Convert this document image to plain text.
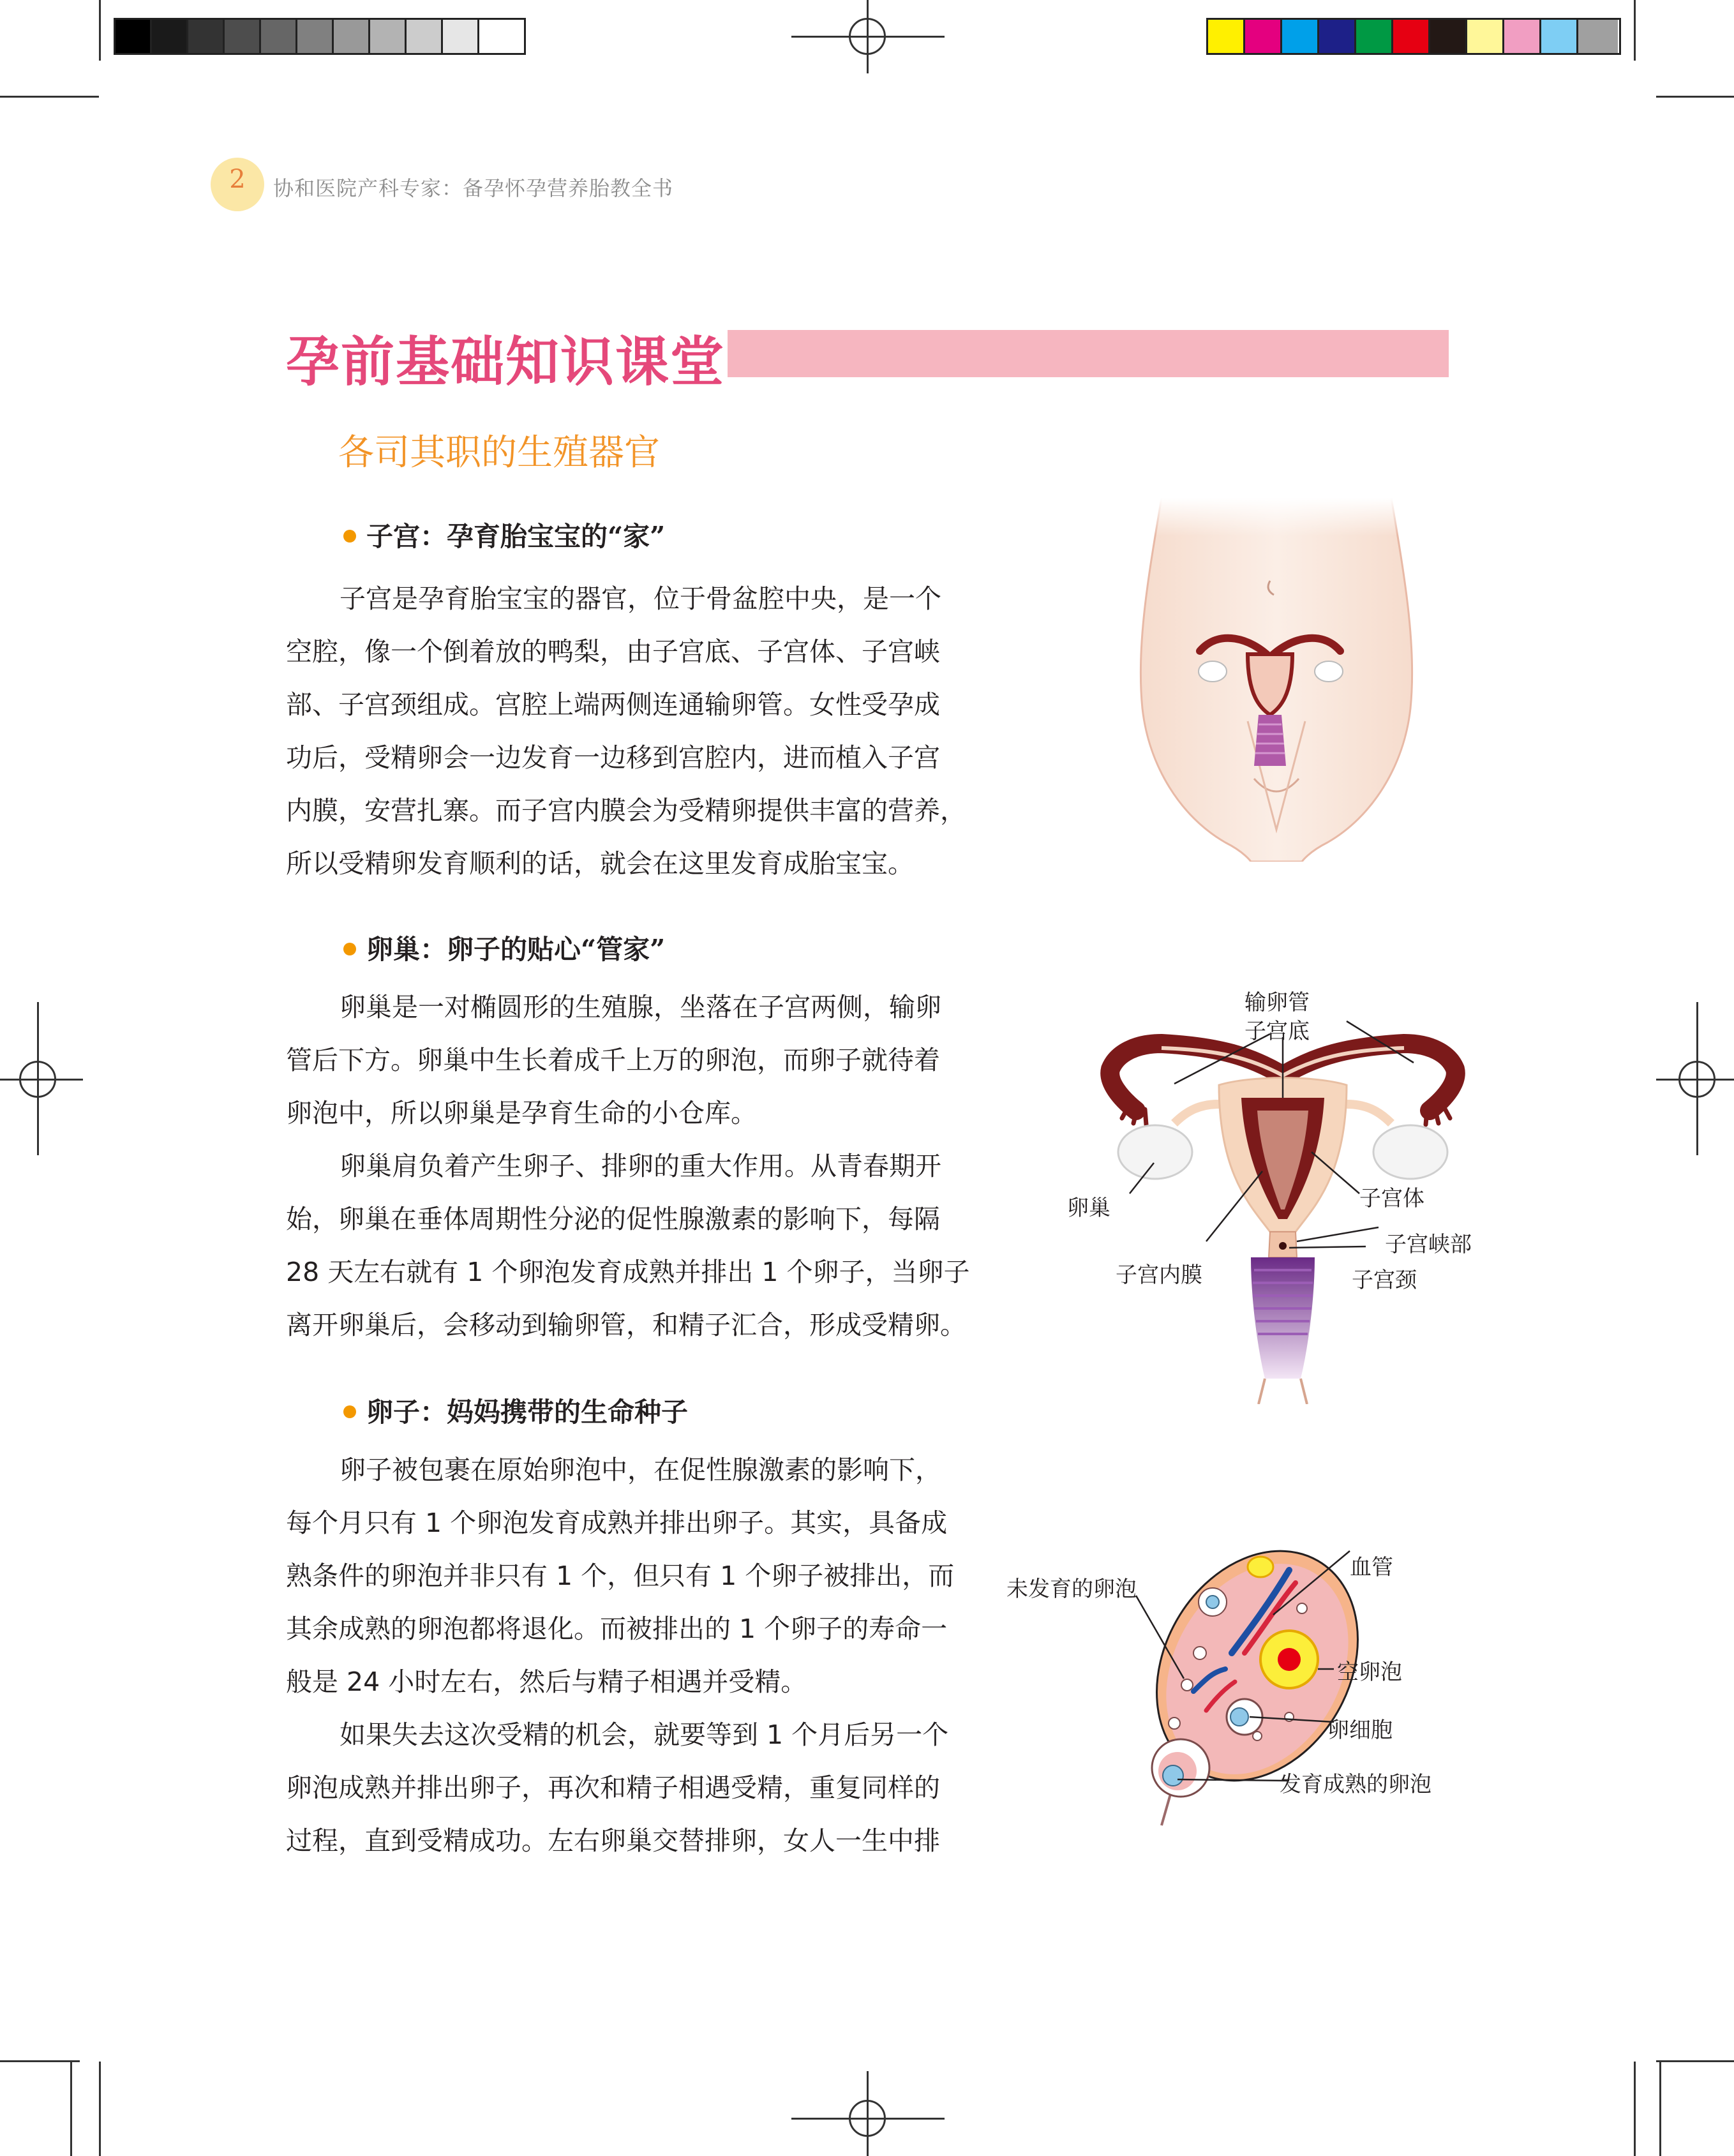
2	协和医院产科专家：备孕怀孕营养胎教全书
孕前基础知识课堂
各司其职的生殖器官
子宫：孕育胎宝宝的“家”
子宫是孕育胎宝宝的器官，位于骨盆腔中央，是一个
空腔，像一个倒着放的鸭梨，由子宫底、子宫体、子宫峡
部、子宫颈组成。宫腔上端两侧连通输卵管。女性受孕成
功后，受精卵会一边发育一边移到宫腔内，进而植入子宫
内膜，安营扎寨。而子宫内膜会为受精卵提供丰富的营养，
所以受精卵发育顺利的话，就会在这里发育成胎宝宝。
卵巢：卵子的贴心“管家”
卵巢是一对椭圆形的生殖腺，坐落在子宫两侧，输卵
管后下方。卵巢中生长着成千上万的卵泡，而卵子就待着
卵泡中，所以卵巢是孕育生命的小仓库。
卵巢肩负着产生卵子、排卵的重大作用。从青春期开
始，卵巢在垂体周期性分泌的促性腺激素的影响下，每隔
28 天左右就有 1 个卵泡发育成熟并排出 1 个卵子，当卵子
离开卵巢后，会移动到输卵管，和精子汇合，形成受精卵。
卵子：妈妈携带的生命种子
卵子被包裹在原始卵泡中，在促性腺激素的影响下，
每个月只有 1 个卵泡发育成熟并排出卵子。其实，具备成
熟条件的卵泡并非只有 1 个，但只有 1 个卵子被排出，而
其余成熟的卵泡都将退化。而被排出的 1 个卵子的寿命一
般是 24 小时左右，然后与精子相遇并受精。
如果失去这次受精的机会，就要等到 1 个月后另一个
卵泡成熟并排出卵子，再次和精子相遇受精，重复同样的
过程，直到受精成功。左右卵巢交替排卵，女人一生中排
输卵管
子宫底
卵巢	子宫体
子宫峡部
子宫内膜	子宫颈
未发育的卵泡
血管
空卵泡
卵细胞
发育成熟的卵泡
